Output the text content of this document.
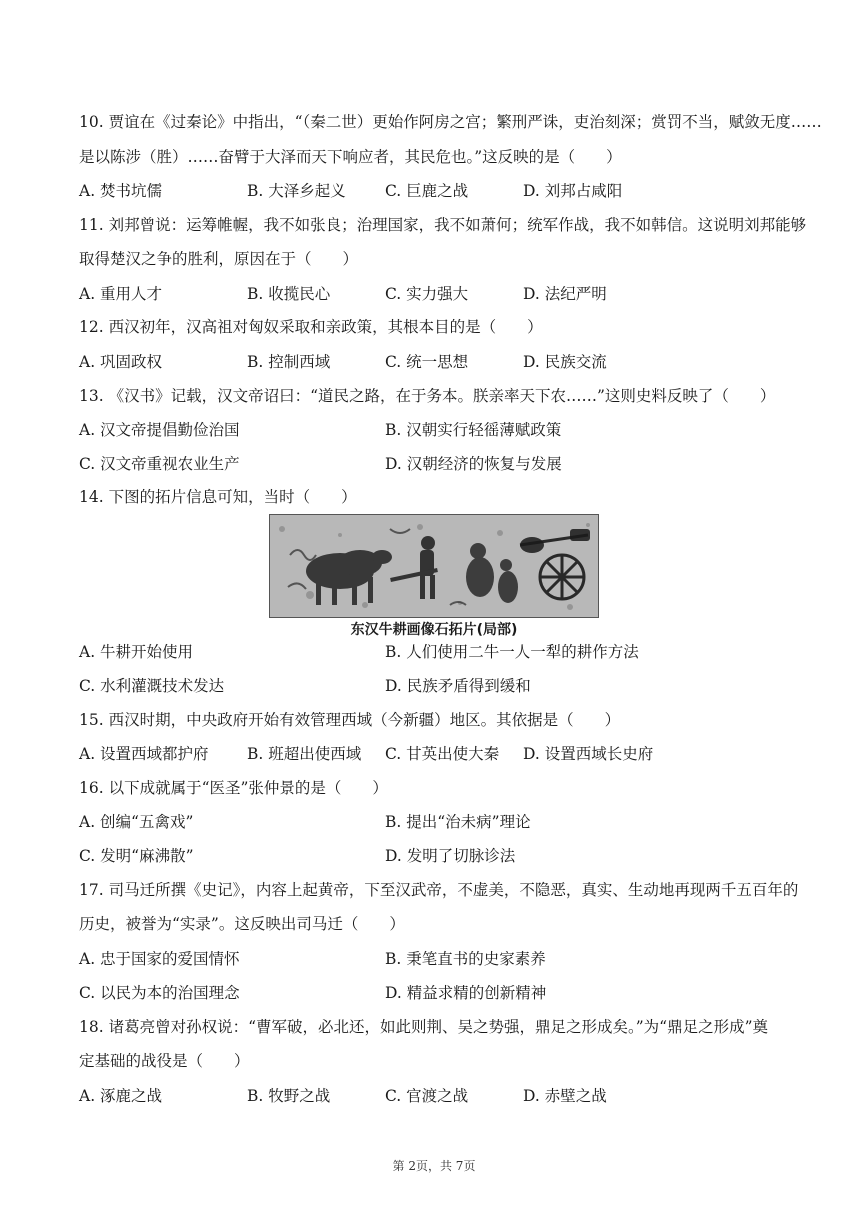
10. 贾谊在《过秦论》中指出，“（秦二世）更始作阿房之宫；繁刑严诛，吏治刻深；赏罚不当，赋敛无度……
是以陈涉（胜）……奋臂于大泽而天下响应者，其民危也。”这反映的是（　　）
A. 焚书坑儒	B. 大泽乡起义	C. 巨鹿之战	D. 刘邦占咸阳
11. 刘邦曾说：运筹帷幄，我不如张良；治理国家，我不如萧何；统军作战，我不如韩信。这说明刘邦能够
取得楚汉之争的胜利，原因在于（　　）
A. 重用人才	B. 收揽民心	C. 实力强大	D. 法纪严明
12. 西汉初年，汉高祖对匈奴采取和亲政策，其根本目的是（　　）
A. 巩固政权	B. 控制西域	C. 统一思想	D. 民族交流
13. 《汉书》记载，汉文帝诏曰：“道民之路，在于务本。朕亲率天下农……”这则史料反映了（　　）
A. 汉文帝提倡勤俭治国	B. 汉朝实行轻徭薄赋政策
C. 汉文帝重视农业生产	D. 汉朝经济的恢复与发展
14. 下图的拓片信息可知，当时（　　）
东汉牛耕画像石拓片(局部)
A. 牛耕开始使用	B. 人们使用二牛一人一犁的耕作方法
C. 水利灌溉技术发达	D. 民族矛盾得到缓和
15. 西汉时期，中央政府开始有效管理西域（今新疆）地区。其依据是（　　）
A. 设置西域都护府 B. 班超出使西域 C. 甘英出使大秦 D. 设置西域长史府
16. 以下成就属于“医圣”张仲景的是（　　）
A. 创编“五禽戏”	B. 提出“治未病”理论
C. 发明“麻沸散”	D. 发明了切脉诊法
17. 司马迁所撰《史记》，内容上起黄帝，下至汉武帝，不虚美，不隐恶，真实、生动地再现两千五百年的
历史，被誉为“实录”。这反映出司马迁（　　）
A. 忠于国家的爱国情怀	B. 秉笔直书的史家素养
C. 以民为本的治国理念	D. 精益求精的创新精神
18. 诸葛亮曾对孙权说：“曹军破，必北还，如此则荆、吴之势强，鼎足之形成矣。”为“鼎足之形成”奠
定基础的战役是（　　）
A. 涿鹿之战	B. 牧野之战	C. 官渡之战	D. 赤壁之战
第 2页，共 7页
